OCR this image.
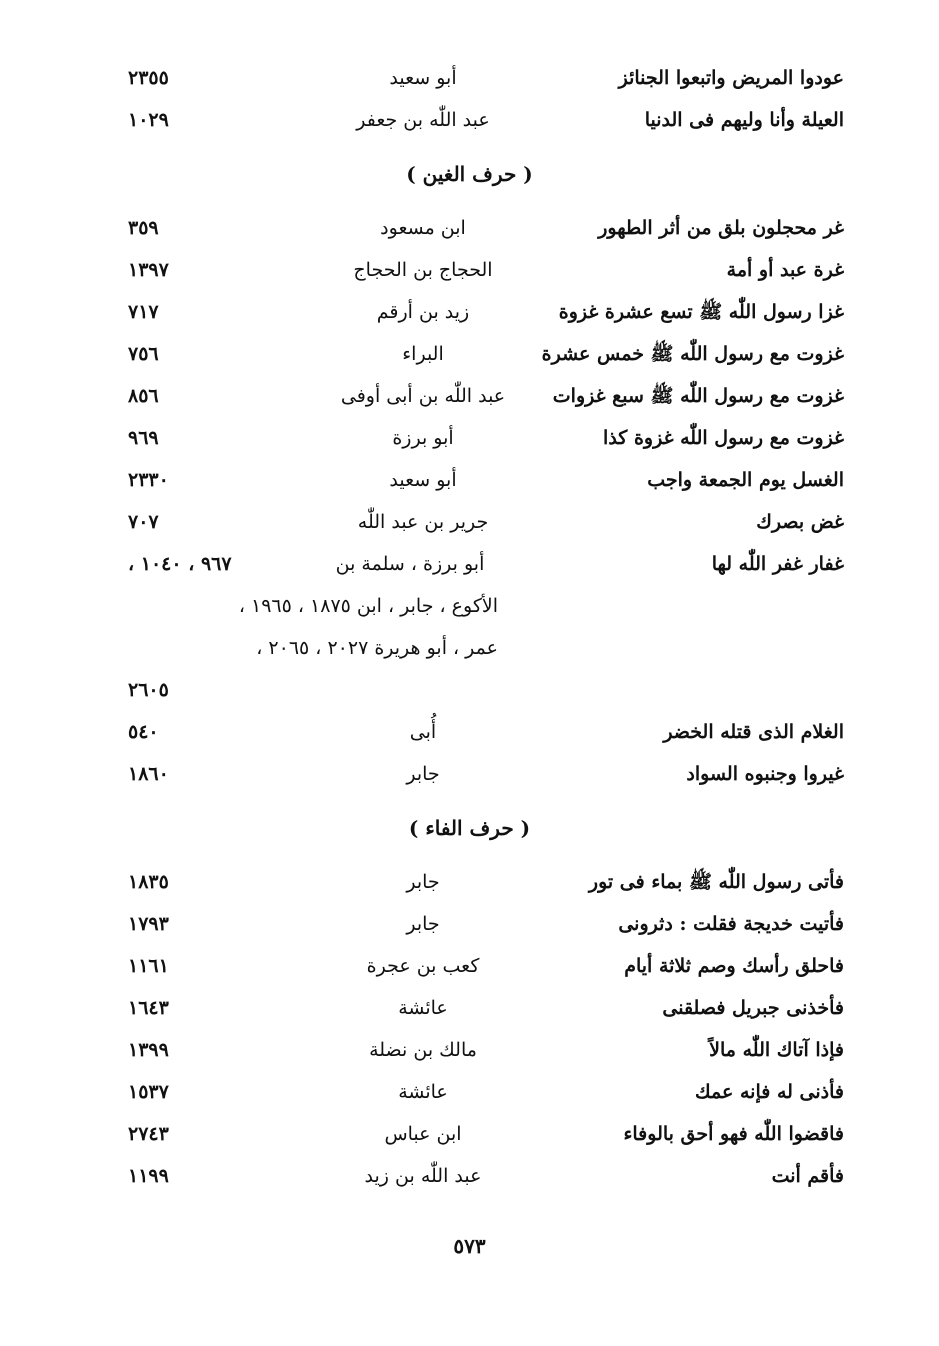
عودوا المريض واتبعوا الجنائز
أبو سعيد
٢٣٥٥
العيلة وأنا وليهم فى الدنيا
عبد اللّٰه بن جعفر
١٠٢٩
( حرف الغين )
غر محجلون بلق من أثر الطهور
ابن مسعود
٣٥٩
غرة عبد أو أمة
الحجاج بن الحجاج
١٣٩٧
غزا رسول اللّٰه ﷺ تسع عشرة غزوة
زيد بن أرقم
٧١٧
غزوت مع رسول اللّٰه ﷺ خمس عشرة
البراء
٧٥٦
غزوت مع رسول اللّٰه ﷺ سبع غزوات
عبد اللّٰه بن أبى أوفى
٨٥٦
غزوت مع رسول اللّٰه غزوة كذا
أبو برزة
٩٦٩
الغسل يوم الجمعة واجب
أبو سعيد
٢٣٣٠
غض بصرك
جرير بن عبد اللّٰه
٧٠٧
غفار غفر اللّٰه لها
أبو برزة ، سلمة بن
٩٦٧ ، ١٠٤٠ ،
الأكوع ، جابر ، ابن ١٨٧٥ ، ١٩٦٥ ،
عمر ، أبو هريرة ٢٠٢٧ ، ٢٠٦٥ ،
٢٦٠٥
الغلام الذى قتله الخضر
أُبى
٥٤٠
غيروا وجنبوه السواد
جابر
١٨٦٠
( حرف الفاء )
فأتى رسول اللّٰه ﷺ بماء فى تور
جابر
١٨٣٥
فأتيت خديجة فقلت : دثرونى
جابر
١٧٩٣
فاحلق رأسك وصم ثلاثة أيام
كعب بن عجرة
١١٦١
فأخذنى جبريل فصلقنى
عائشة
١٦٤٣
فإذا آتاك اللّٰه مالاً
مالك بن نضلة
١٣٩٩
فأذنى له فإنه عمك
عائشة
١٥٣٧
فاقضوا اللّٰه فهو أحق بالوفاء
ابن عباس
٢٧٤٣
فأقم أنت
عبد اللّٰه بن زيد
١١٩٩
٥٧٣
